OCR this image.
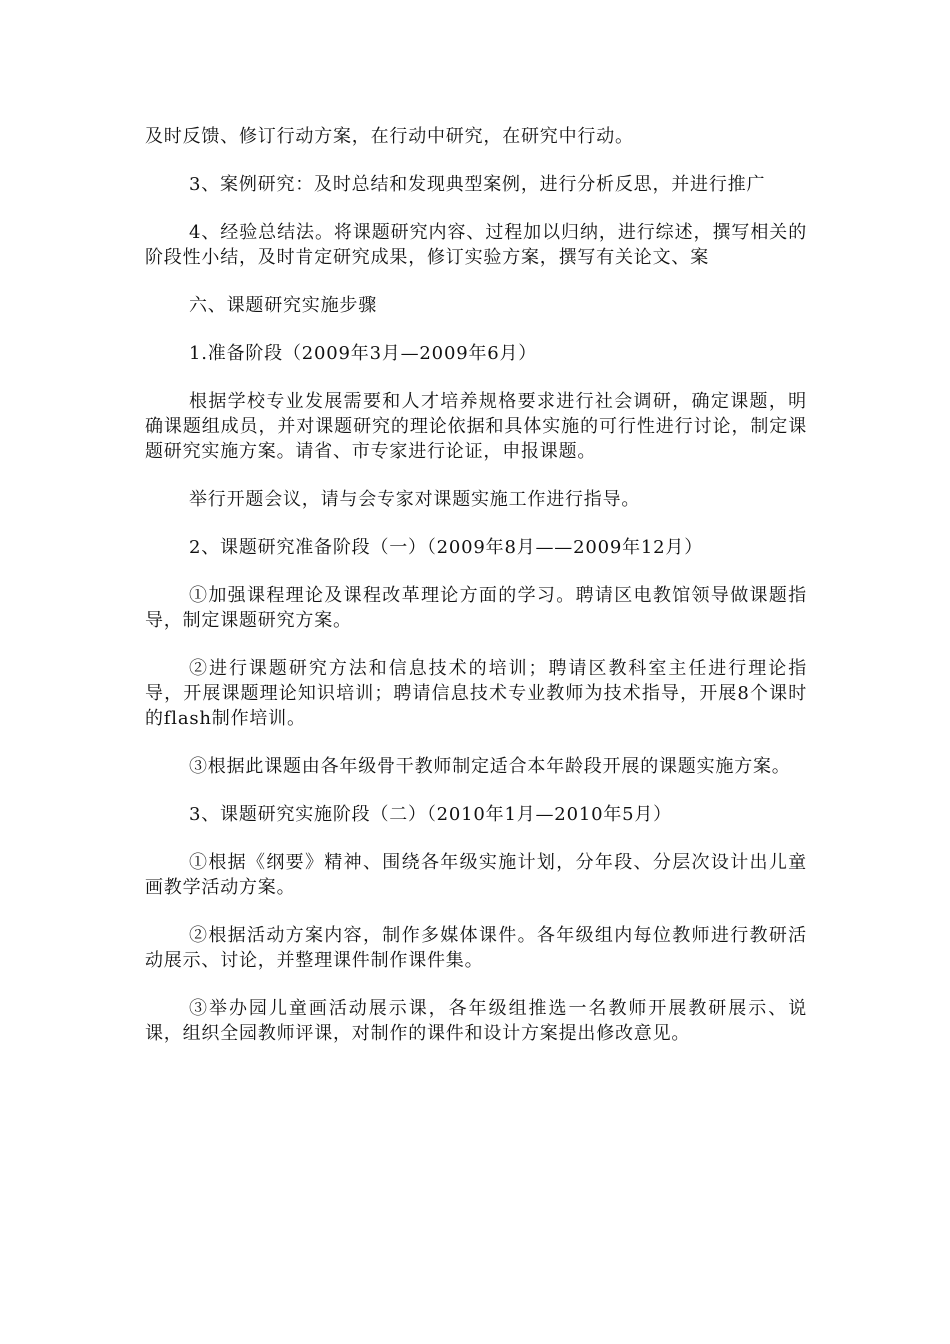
及时反馈、修订行动方案，在行动中研究，在研究中行动。

3、案例研究：及时总结和发现典型案例，进行分析反思，并进行推广

4、经验总结法。将课题研究内容、过程加以归纳，进行综述，撰写相关的阶段性小结，及时肯定研究成果，修订实验方案，撰写有关论文、案

六、课题研究实施步骤

1.准备阶段（2009年3月—2009年6月）

根据学校专业发展需要和人才培养规格要求进行社会调研，确定课题，明确课题组成员，并对课题研究的理论依据和具体实施的可行性进行讨论，制定课题研究实施方案。请省、市专家进行论证，申报课题。

举行开题会议，请与会专家对课题实施工作进行指导。

2、课题研究准备阶段（一）（2009年8月——2009年12月）

①加强课程理论及课程改革理论方面的学习。聘请区电教馆领导做课题指导，制定课题研究方案。

②进行课题研究方法和信息技术的培训；聘请区教科室主任进行理论指导，开展课题理论知识培训；聘请信息技术专业教师为技术指导，开展8个课时的flash制作培训。

③根据此课题由各年级骨干教师制定适合本年龄段开展的课题实施方案。

3、课题研究实施阶段（二）（2010年1月—2010年5月）

①根据《纲要》精神、围绕各年级实施计划，分年段、分层次设计出儿童画教学活动方案。

②根据活动方案内容，制作多媒体课件。各年级组内每位教师进行教研活动展示、讨论，并整理课件制作课件集。

③举办园儿童画活动展示课，各年级组推选一名教师开展教研展示、说课，组织全园教师评课，对制作的课件和设计方案提出修改意见。
